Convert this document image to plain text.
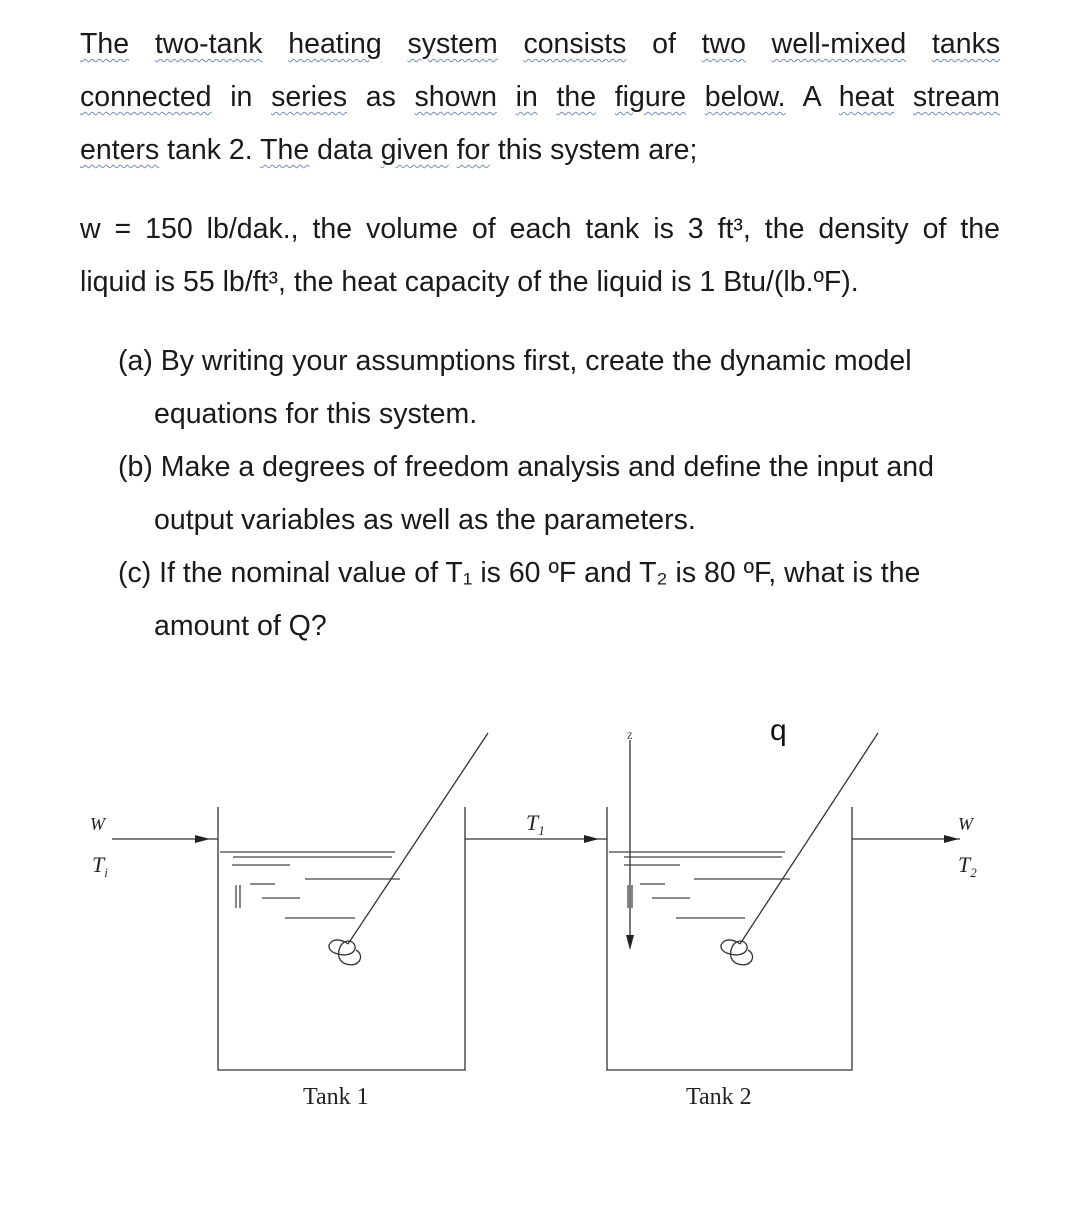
The two-tank heating system consists of two well-mixed tanks
connected in series as shown in the figure below. A heat stream
enters tank 2. The data given for this system are;
w = 150 lb/dak., the volume of each tank is 3 ft³, the density of the
liquid is 55 lb/ft³, the heat capacity of the liquid is 1 Btu/(lb.ºF).
(a) By writing your assumptions first, create the dynamic model
equations for this system.
(b) Make a degrees of freedom analysis and define the input and
output variables as well as the parameters.
(c) If the nominal value of T₁ is 60 ºF and T₂ is 80 ºF, what is the
amount of Q?
W
$T_i$
$T_1$
Z	q
W
$T_2$
Tank 1	Tank 2
